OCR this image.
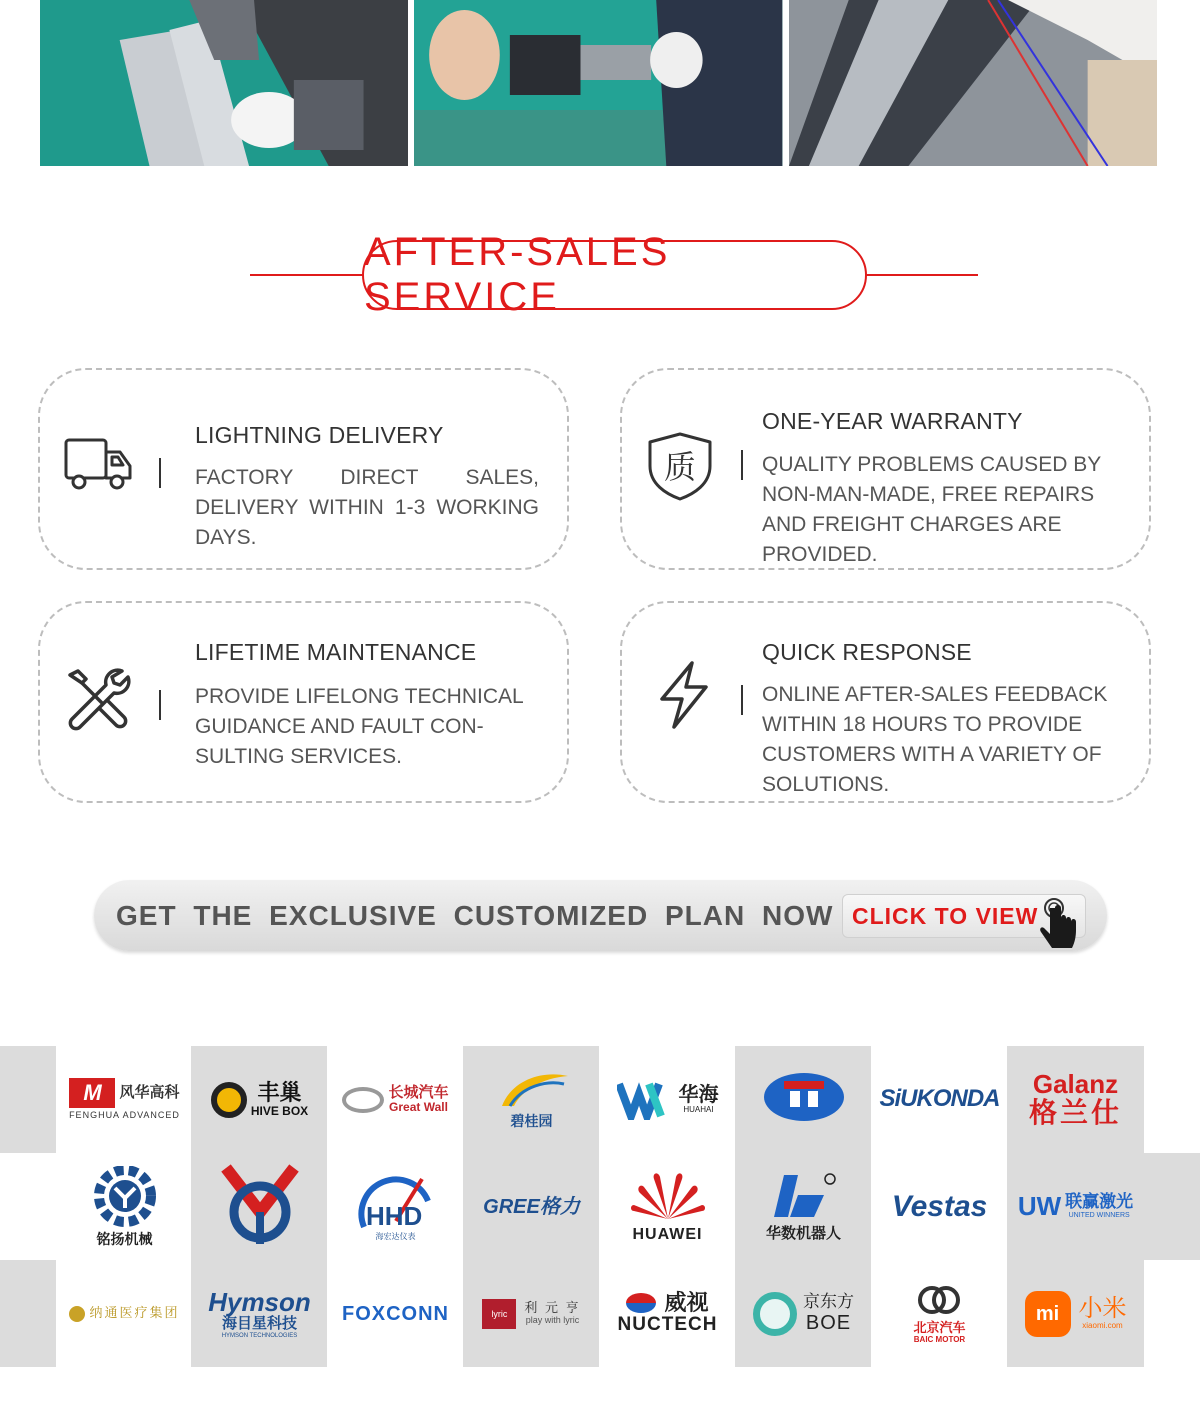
AFTER-SALES SERVICE
LIGHTNING DELIVERY
FACTORY DIRECT SALES, DELIVERY WITHIN 1-3 WORKING DAYS.
质
ONE-YEAR WARRANTY
QUALITY PROBLEMS CAUSED BY NON-MAN-MADE, FREE REPAIRS AND FREIGHT CHARGES ARE PROVIDED.
LIFETIME MAINTENANCE
PROVIDE LIFELONG TECHNICAL GUIDANCE AND FAULT CON-SULTING SERVICES.
QUICK RESPONSE
ONLINE AFTER-SALES FEEDBACK WITHIN 18 HOURS TO PROVIDE CUSTOMERS WITH A VARIETY OF SOLUTIONS.
GET THE EXCLUSIVE CUSTOMIZED PLAN NOW CLICK TO VIEW
M	风华高科
FENGHUA ADVANCED
丰巢
HIVE BOX
长城汽车
Great Wall
碧桂园
华海
HUAHAI	SiUKONDA Galanz
格兰仕
铭扬机械
HHD
海宏达仪表
GREE格力
HUAWEI	华数机器人
Vestas UW 联赢激光
UNITED WINNERS
纳通医疗集团 Hymson
海目星科技
HYMSON TECHNOLOGIES
FOXCONN	lyric	利 元 亨
play with lyric
威视
NUCTECH
京东方
BOE	北京汽车
BAIC MOTOR
mi 小米
xiaomi.com
